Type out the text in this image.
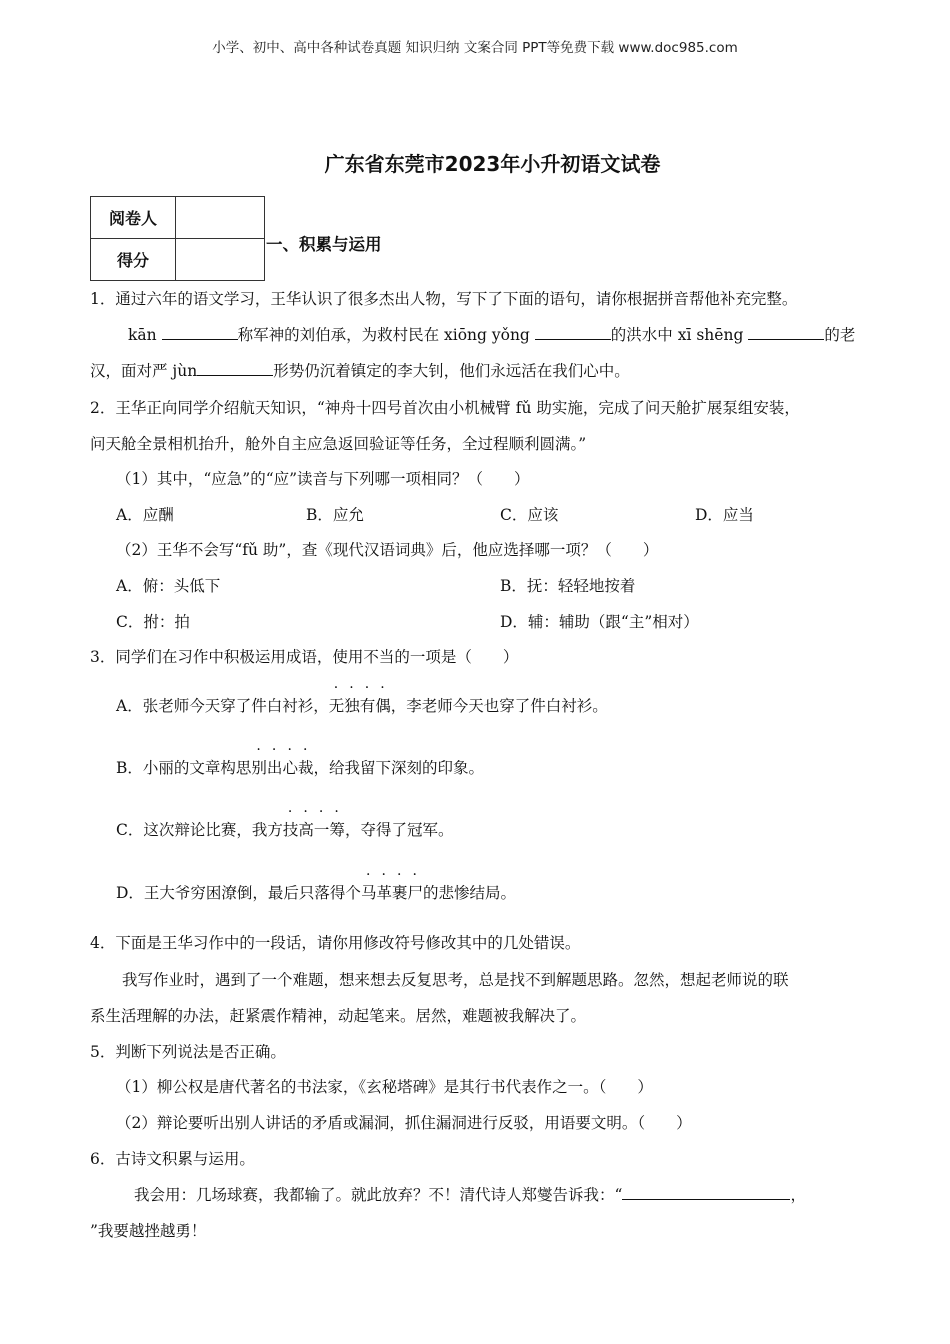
小学、初中、高中各种试卷真题 知识归纳 文案合同 PPT等免费下载 www.doc985.com
广东省东莞市2023年小升初语文试卷
阅卷人	
得分	
一、积累与运用
1．通过六年的语文学习，王华认识了很多杰出人物，写下了下面的语句，请你根据拼音帮他补充完整。
kān	称军神的刘伯承，为救村民在 xiōng yǒng	的洪水中 xī shēng	的老
汉，面对严 jùn	形势仍沉着镇定的李大钊，他们永远活在我们心中。
2．王华正向同学介绍航天知识，“神舟十四号首次由小机械臂 fǔ 助实施，完成了问天舱扩展泵组安装，
问天舱全景相机抬升，舱外自主应急返回验证等任务，全过程顺利圆满。”
（1）其中，“应急”的“应”读音与下列哪一项相同？（　　）
A．应酬	B．应允	C．应该	D．应当
（2）王华不会写“fǔ 助”，查《现代汉语词典》后，他应选择哪一项？（　　）
A．俯：头低下	B．抚：轻轻地按着
C．拊：拍	D．辅：辅助（跟“主”相对）
3．同学们在习作中积极运用成语，使用不当的一项是（　　）
A．张老师今天穿了件白衬衫，无独有偶，李老师今天也穿了件白衬衫。
B．小丽的文章构思别出心裁，给我留下深刻的印象。
C．这次辩论比赛，我方技高一筹，夺得了冠军。
D．王大爷穷困潦倒，最后只落得个马革裹尸的悲惨结局。
4．下面是王华习作中的一段话，请你用修改符号修改其中的几处错误。
我写作业时，遇到了一个难题，想来想去反复思考，总是找不到解题思路。忽然，想起老师说的联
系生活理解的办法，赶紧震作精神，动起笔来。居然，难题被我解决了。
5．判断下列说法是否正确。
（1）柳公权是唐代著名的书法家，《玄秘塔碑》是其行书代表作之一。（　　）
（2）辩论要听出别人讲话的矛盾或漏洞，抓住漏洞进行反驳，用语要文明。（　　）
6．古诗文积累与运用。
我会用：几场球赛，我都输了。就此放弃？不！清代诗人郑燮告诉我：“	，
”我要越挫越勇！
